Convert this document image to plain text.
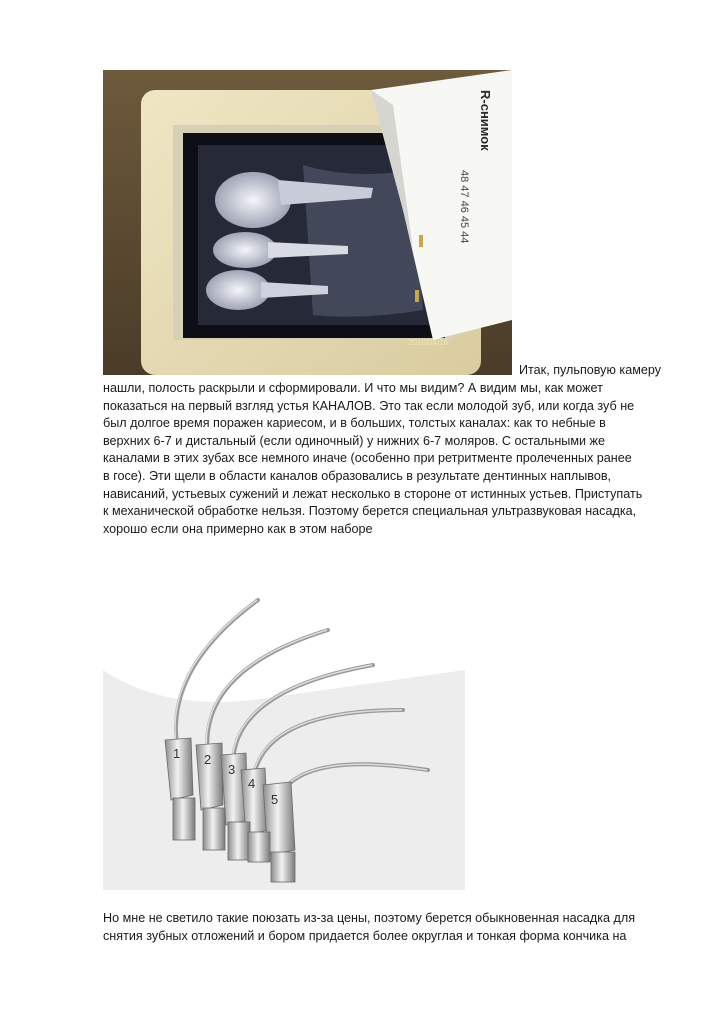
R-снимок
48 47 46 45 44
2010/04/16
Итак, пульповую камеру
нашли, полость раскрыли и сформировали. И что мы видим? А видим мы, как может
показаться на первый взгляд устья КАНАЛОВ. Это так если молодой зуб, или когда зуб не
был долгое время поражен кариесом, и в больших, толстых каналах: как то небные в
верхних 6-7 и дистальный (если одиночный) у нижних 6-7 моляров. С остальными же
каналами в этих зубах все немного иначе (особенно при ретритменте пролеченных ранее
в госе). Эти щели в области каналов образовались в результате дентинных наплывов,
нависаний, устьевых сужений и лежат несколько в стороне от истинных устьев. Приступать
к механической обработке нельзя. Поэтому берется специальная ультразвуковая насадка,
хорошо если она примерно как в этом наборе
1 2
3
4
5
Но мне не светило такие поюзать из-за цены, поэтому берется обыкновенная насадка для
снятия зубных отложений и бором придается более округлая и тонкая форма кончика на
